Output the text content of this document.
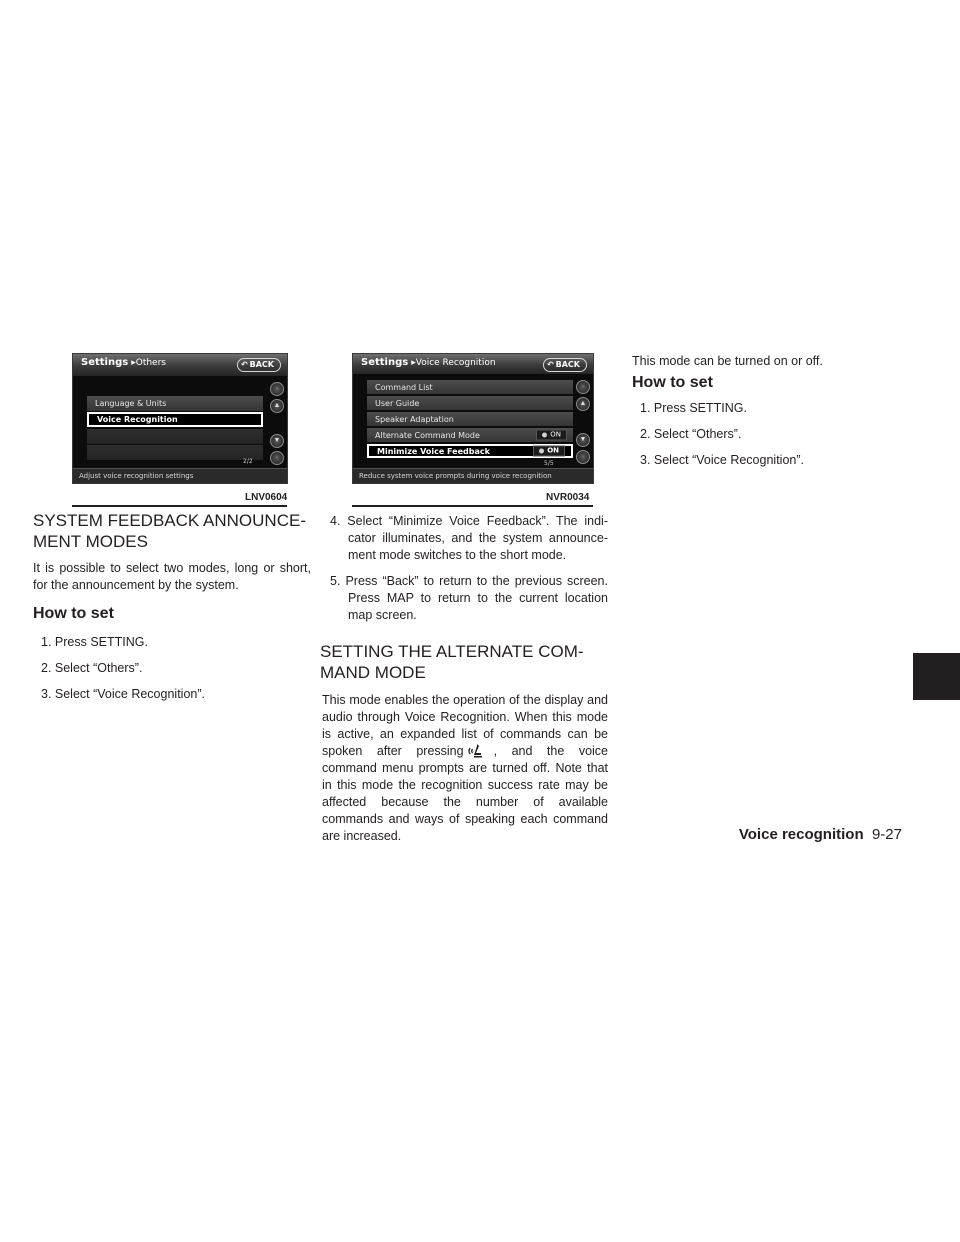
Settings ▸Others	↶ BACK
Language & Units
Voice Recognition
·
▲
▼
·
2/2
Adjust voice recognition settings
LNV0604
Settings ▸Voice Recognition	↶ BACK
Command List
User Guide
Speaker Adaptation
Alternate Command Mode	ON
Minimize Voice Feedback	ON
·
▲
▼
·
5/5
Reduce system voice prompts during voice recognition
NVR0034
SYSTEM FEEDBACK ANNOUNCE-
MENT MODES

It is possible to select two modes, long or short, for the announcement by the system.

How to set
1. Press SETTING.
2. Select “Others”.
3. Select “Voice Recognition”.
4. Select “Minimize Voice Feedback”. The indi- cator illuminates, and the system announce- ment mode switches to the short mode.
5. Press “Back” to return to the previous screen. Press MAP to return to the current location map screen.
SETTING THE ALTERNATE COM-
MAND MODE

This mode enables the operation of the display and audio through Voice Recognition. When this mode is active, an expanded list of commands can be spoken after pressing , and the voice command menu prompts are turned off. Note that in this mode the recognition success rate may be affected because the number of available commands and ways of speaking each command are increased.

This mode can be turned on or off.

How to set
1. Press SETTING.
2. Select “Others”.
3. Select “Voice Recognition”.
Voice recognition 9-27
